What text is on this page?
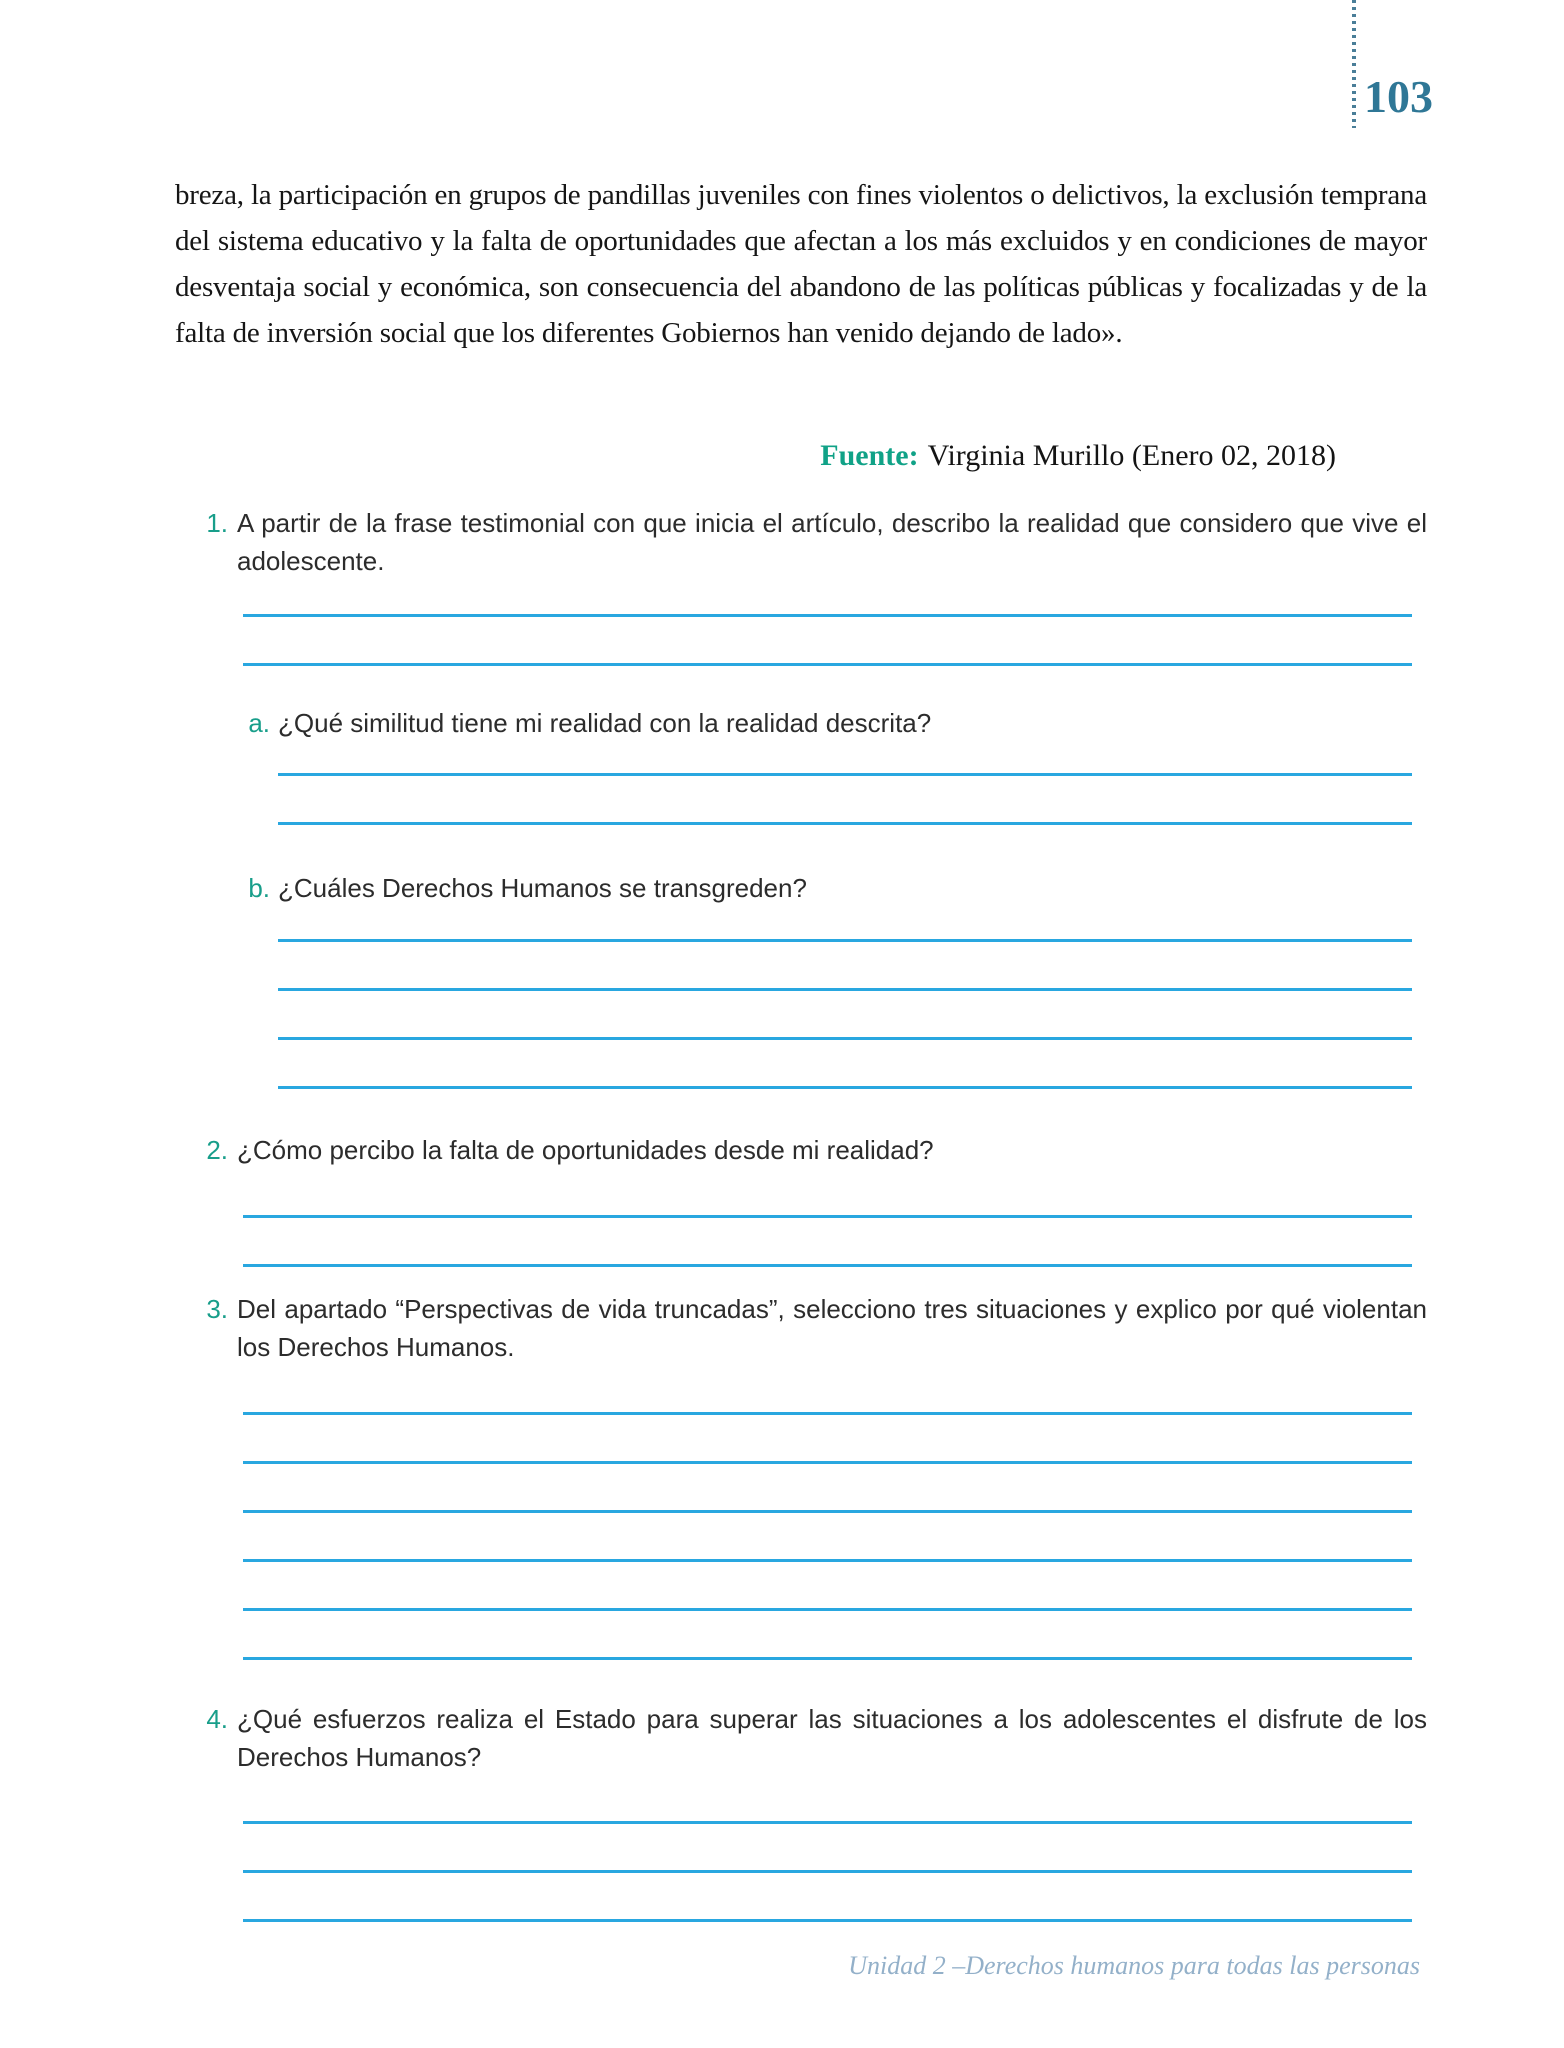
103

breza, la participación en grupos de pandillas juveniles con fines violentos o delictivos, la exclusión temprana del sistema educativo y la falta de oportunidades que afectan a los más excluidos y en condiciones de mayor desventaja social y económica, son consecuencia del abandono de las políticas públicas y focalizadas y de la falta de inversión social que los diferentes Gobiernos han venido dejando de lado».

Fuente: Virginia Murillo (Enero 02, 2018)
1. A partir de la frase testimonial con que inicia el artículo, describo la realidad que considero que vive el adolescente.
a. ¿Qué similitud tiene mi realidad con la realidad descrita?
b. ¿Cuáles Derechos Humanos se transgreden?
2. ¿Cómo percibo la falta de oportunidades desde mi realidad?
3. Del apartado “Perspectivas de vida truncadas”, selecciono tres situaciones y explico por qué violentan los Derechos Humanos.
4. ¿Qué esfuerzos realiza el Estado para superar las situaciones a los adolescentes el disfrute de los Derechos Humanos?
Unidad 2 –Derechos humanos para todas las personas
